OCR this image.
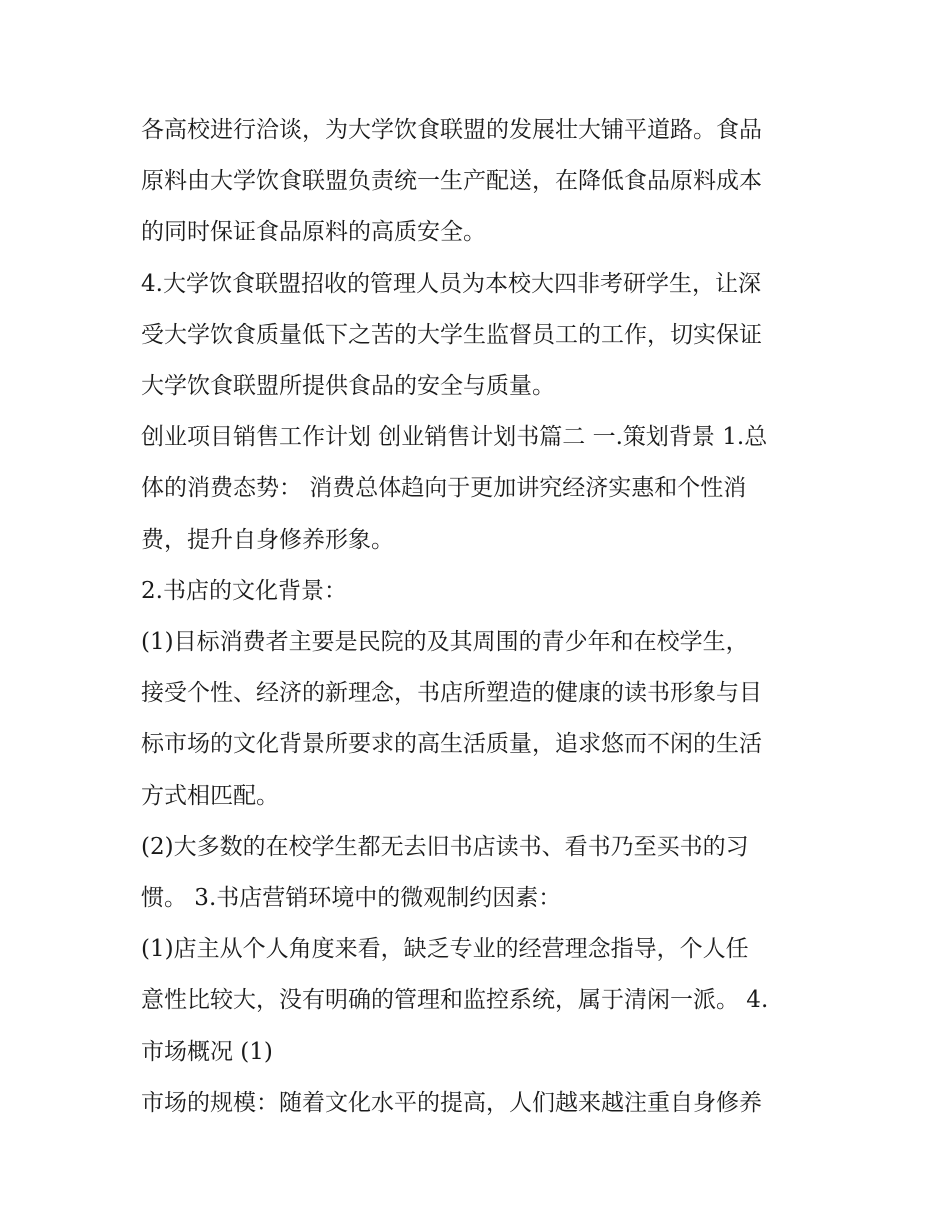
各高校进行洽谈，为大学饮食联盟的发展壮大铺平道路。食品

原料由大学饮食联盟负责统一生产配送，在降低食品原料成本

的同时保证食品原料的高质安全。

4.大学饮食联盟招收的管理人员为本校大四非考研学生，让深

受大学饮食质量低下之苦的大学生监督员工的工作，切实保证

大学饮食联盟所提供食品的安全与质量。

创业项目销售工作计划 创业销售计划书篇二 一.策划背景 1.总

体的消费态势： 消费总体趋向于更加讲究经济实惠和个性消

费，提升自身修养形象。

2.书店的文化背景：

(1)目标消费者主要是民院的及其周围的青少年和在校学生，

接受个性、经济的新理念，书店所塑造的健康的读书形象与目

标市场的文化背景所要求的高生活质量，追求悠而不闲的生活

方式相匹配。

(2)大多数的在校学生都无去旧书店读书、看书乃至买书的习

惯。 3.书店营销环境中的微观制约因素：

(1)店主从个人角度来看，缺乏专业的经营理念指导，个人任

意性比较大，没有明确的管理和监控系统，属于清闲一派。 4.

市场概况 (1)

市场的规模：随着文化水平的提高，人们越来越注重自身修养
